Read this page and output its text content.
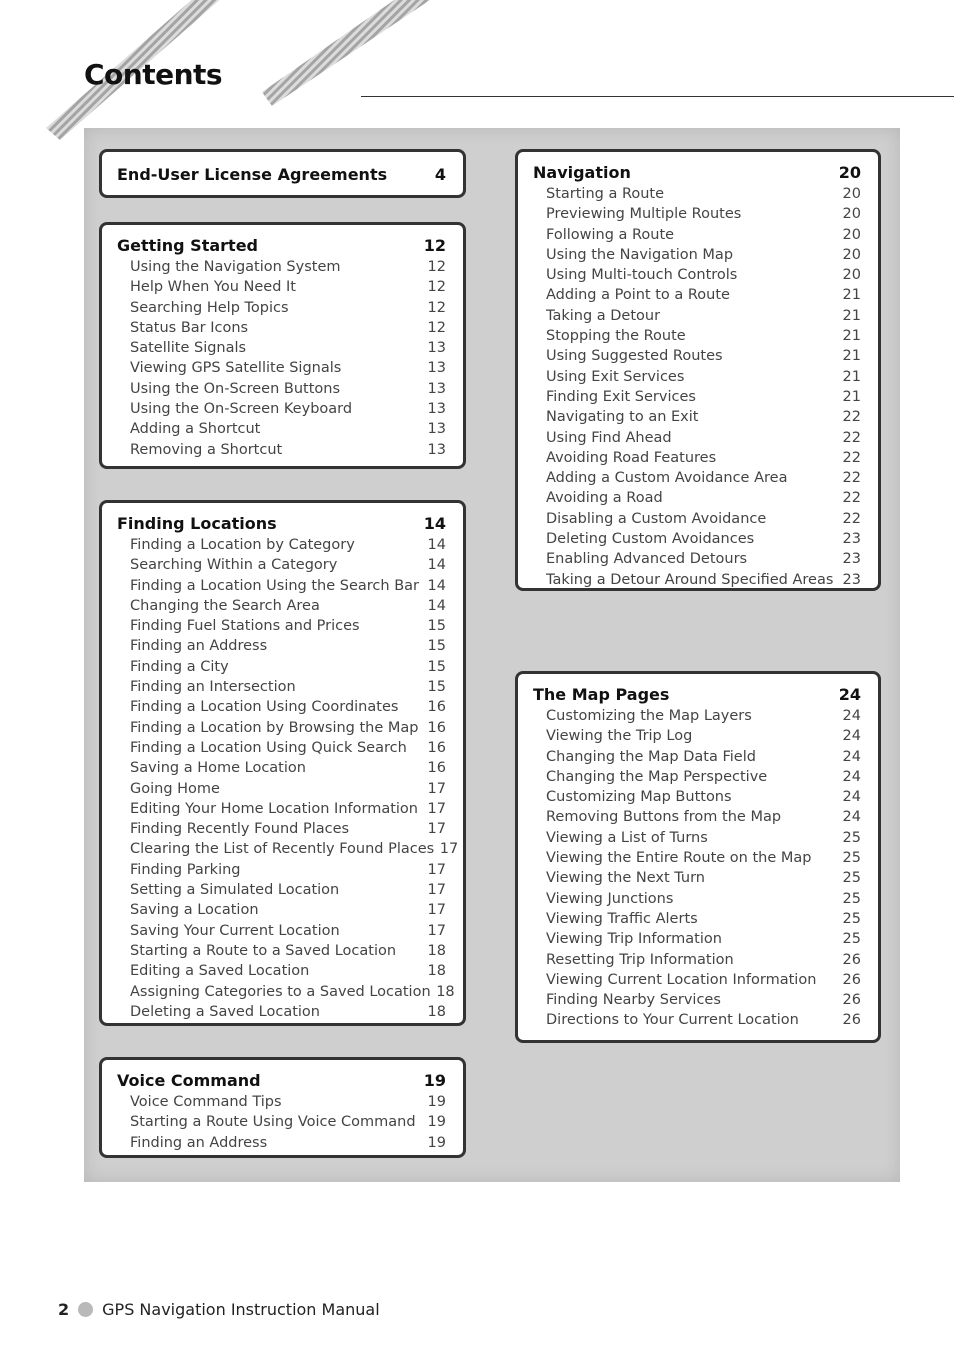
Contents
End-User License Agreements	4
Getting Started	12
Using the Navigation System	12
Help When You Need It	12
Searching Help Topics	12
Status Bar Icons	12
Satellite Signals	13
Viewing GPS Satellite Signals	13
Using the On-Screen Buttons	13
Using the On-Screen Keyboard	13
Adding a Shortcut	13
Removing a Shortcut	13
Finding Locations	14
Finding a Location by Category	14
Searching Within a Category	14
Finding a Location Using the Search Bar 14
Changing the Search Area	14
Finding Fuel Stations and Prices	15
Finding an Address	15
Finding a City	15
Finding an Intersection	15
Finding a Location Using Coordinates	16
Finding a Location by Browsing the Map 16
Finding a Location Using Quick Search	16
Saving a Home Location	16
Going Home	17
Editing Your Home Location Information 17
Finding Recently Found Places	17
Clearing the List of Recently Found Places 17
Finding Parking	17
Setting a Simulated Location	17
Saving a Location	17
Saving Your Current Location	17
Starting a Route to a Saved Location	18
Editing a Saved Location	18
Assigning Categories to a Saved Location 18
Deleting a Saved Location	18
Voice Command	19
Voice Command Tips	19
Starting a Route Using Voice Command 19
Finding an Address	19
Navigation	20
Starting a Route	20
Previewing Multiple Routes	20
Following a Route	20
Using the Navigation Map	20
Using Multi-touch Controls	20
Adding a Point to a Route	21
Taking a Detour	21
Stopping the Route	21
Using Suggested Routes	21
Using Exit Services	21
Finding Exit Services	21
Navigating to an Exit	22
Using Find Ahead	22
Avoiding Road Features	22
Adding a Custom Avoidance Area	22
Avoiding a Road	22
Disabling a Custom Avoidance	22
Deleting Custom Avoidances	23
Enabling Advanced Detours	23
Taking a Detour Around Specified Areas 23
The Map Pages	24
Customizing the Map Layers	24
Viewing the Trip Log	24
Changing the Map Data Field	24
Changing the Map Perspective	24
Customizing Map Buttons	24
Removing Buttons from the Map	24
Viewing a List of Turns	25
Viewing the Entire Route on the Map	25
Viewing the Next Turn	25
Viewing Junctions	25
Viewing Traffic Alerts	25
Viewing Trip Information	25
Resetting Trip Information	26
Viewing Current Location Information	26
Finding Nearby Services	26
Directions to Your Current Location	26
2 GPS Navigation Instruction Manual
